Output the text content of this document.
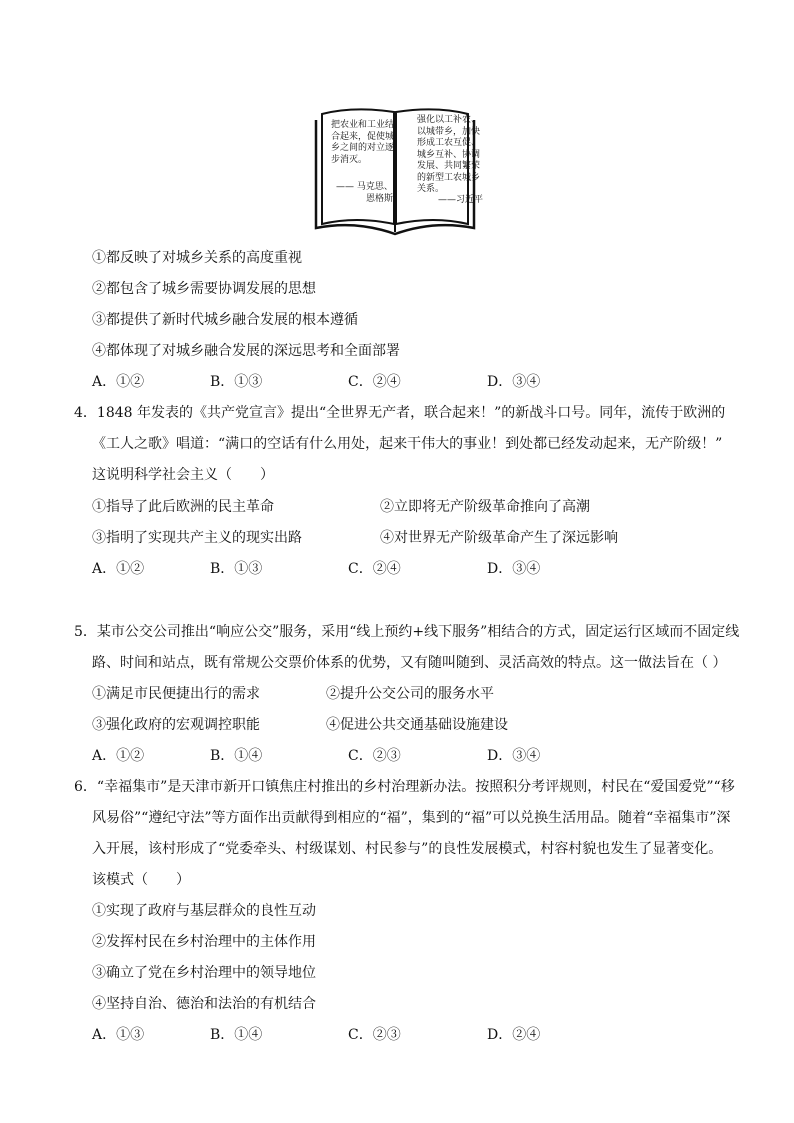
把农业和工业结
合起来，促使城
乡之间的对立逐
步消灭。
—— 马克思、
恩格斯
强化以工补农、
以城带乡，加快
形成工农互促、
城乡互补、协调
发展、共同繁荣
的新型工农城乡
关系。
——习近平
①都反映了对城乡关系的高度重视
②都包含了城乡需要协调发展的思想
③都提供了新时代城乡融合发展的根本遵循
④都体现了对城乡融合发展的深远思考和全面部署
A．①②	B．①③	C．②④	D．③④
4．1848 年发表的《共产党宣言》提出“全世界无产者，联合起来！”的新战斗口号。同年，流传于欧洲的
《工人之歌》唱道：“满口的空话有什么用处，起来干伟大的事业！到处都已经发动起来，无产阶级！”
这说明科学社会主义（　　）
①指导了此后欧洲的民主革命	②立即将无产阶级革命推向了高潮
③指明了实现共产主义的现实出路	④对世界无产阶级革命产生了深远影响
A．①②	B．①③	C．②④	D．③④
5．某市公交公司推出“响应公交”服务，采用“线上预约+线下服务”相结合的方式，固定运行区域而不固定线
路、时间和站点，既有常规公交票价体系的优势，又有随叫随到、灵活高效的特点。这一做法旨在（ ）
①满足市民便捷出行的需求	②提升公交公司的服务水平
③强化政府的宏观调控职能	④促进公共交通基础设施建设
A．①②	B．①④	C．②③	D．③④
6．“幸福集市”是天津市新开口镇焦庄村推出的乡村治理新办法。按照积分考评规则，村民在“爱国爱党”“移
风易俗”“遵纪守法”等方面作出贡献得到相应的“福”，集到的“福”可以兑换生活用品。随着“幸福集市”深
入开展，该村形成了“党委牵头、村级谋划、村民参与”的良性发展模式，村容村貌也发生了显著变化。
该模式（　　）
①实现了政府与基层群众的良性互动
②发挥村民在乡村治理中的主体作用
③确立了党在乡村治理中的领导地位
④坚持自治、德治和法治的有机结合
A．①③	B．①④	C．②③	D．②④
